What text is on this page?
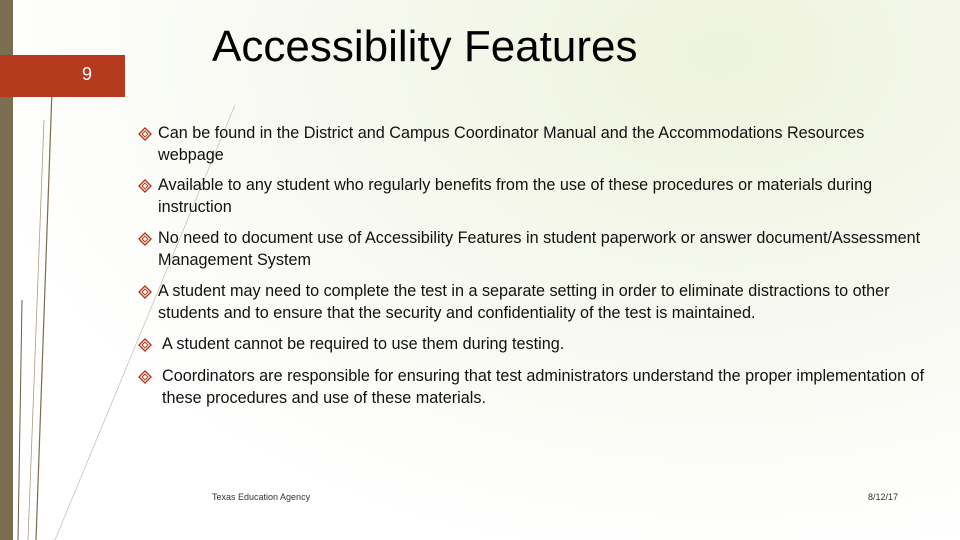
9
Accessibility Features
Can be found in the District and Campus Coordinator Manual and the Accommodations Resources webpage
Available to any student who regularly benefits from the use of these procedures or materials during instruction
No need to document use of Accessibility Features in student paperwork or answer document/Assessment Management System
A student may need to complete the test in a separate setting in order to eliminate distractions to other students and to ensure that the security and confidentiality of the test is maintained.
A student cannot be required to use them during testing.
Coordinators are responsible for ensuring that test administrators understand the proper implementation of these procedures and use of these materials.
Texas Education Agency	8/12/17
